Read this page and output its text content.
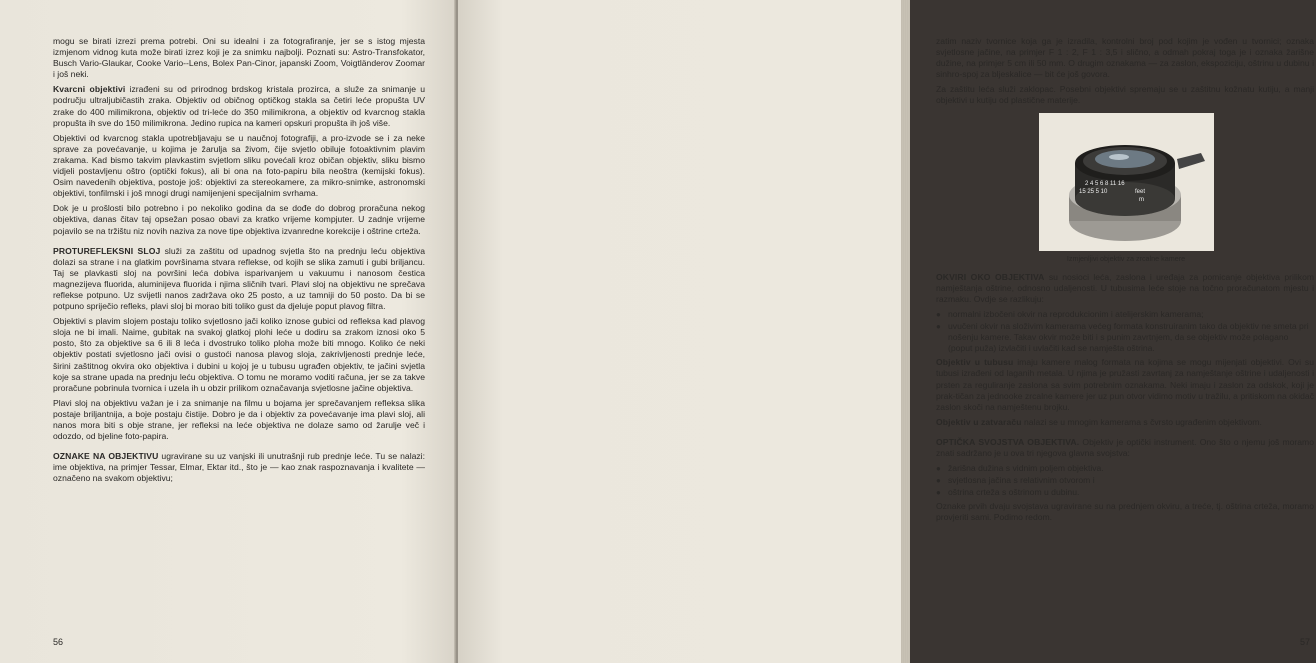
mogu se birati izrezi prema potrebi. Oni su idealni i za fotografiranje, jer se s istog mjesta izmjenom vidnog kuta može birati izrez koji je za snimku najbolji. Poznati su: Astro-Transfokator, Busch Vario-Glaukar, Cooke Vario--Lens, Bolex Pan-Cinor, japanski Zoom, Voigtländerov Zoomar i još neki.

Kvarcni objektivi izrađeni su od prirodnog brdskog kristala prozirca, a služe za snimanje u području ultraljubičastih zraka. Objektiv od običnog optičkog stakla sa četiri leće propušta UV zrake do 400 milimikrona, objektiv od tri-leće do 350 milimikrona, a objektiv od kvarcnog stakla propušta ih sve do 150 milimikrona. Jedino rupica na kameri opskuri propušta ih još više.

Objektivi od kvarcnog stakla upotrebljavaju se u naučnoj fotografiji, a pro-izvode se i za neke sprave za povećavanje, u kojima je žarulja sa živom, čije svjetlo obiluje fotoaktivnim plavim zrakama. Kad bismo takvim plavkastim svjetlom sliku povećali kroz običan objektiv, sliku bismo vidjeli postavljenu oštro (optički fokus), ali bi ona na foto-papiru bila neoštra (kemijski fokus). Osim navedenih objektiva, postoje još: objektivi za stereokamere, za mikro-snimke, astronomski objektivi, tonfilmski i još mnogi drugi namijenjeni specijalnim svrhama.

Dok je u prošlosti bilo potrebno i po nekoliko godina da se dođe do dobrog proračuna nekog objektiva, danas čitav taj opsežan posao obavi za kratko vrijeme kompjuter. U zadnje vrijeme pojavilo se na tržištu niz novih naziva za nove tipe objektiva izvanredne korekcije i oštrine crteža.

PROTUREFLEKSNI SLOJ služi za zaštitu od upadnog svjetla što na prednju leću objektiva dolazi sa strane i na glatkim površinama stvara reflekse, od kojih se slika zamuti i gubi briljancu. Taj se plavkasti sloj na površini leća dobiva isparivanjem u vakuumu i nanosom čestica magnezijeva fluorida, aluminijeva fluorida i njima sličnih tvari. Plavi sloj na objektivu ne sprečava reflekse potpuno. Uz svijetli nanos zadržava oko 25 posto, a uz tamniji do 50 posto. Da bi se potpuno spriječio refleks, plavi sloj bi morao biti toliko gust da djeluje poput plavog filtra.

Objektivi s plavim slojem postaju toliko svjetlosno jači koliko iznose gubici od refleksa kad plavog sloja ne bi imali. Naime, gubitak na svakoj glatkoj plohi leće u dodiru sa zrakom iznosi oko 5 posto, što za objektive sa 6 ili 8 leća i dvostruko toliko ploha može biti mnogo. Koliko će neki objektiv postati svjetlosno jači ovisi o gustoći nanosa plavog sloja, zakrivljenosti prednje leće, širini zaštitnog okvira oko objektiva i dubini u kojoj je u tubusu ugrađen objektiv, te jačini svjetla koje sa strane upada na prednju leću objektiva. O tomu ne moramo voditi računa, jer se za takve proračune pobrinula tvornica i uzela ih u obzir prilikom označavanja svjetlosne jačine objektiva.

Plavi sloj na objektivu važan je i za snimanje na filmu u bojama jer sprečavanjem refleksa slika postaje briljantnija, a boje postaju čistije. Dobro je da i objektiv za povećavanje ima plavi sloj, ali nanos mora biti s obje strane, jer refleksi na leće objektiva ne dolaze samo od žarulje več i odozdo, od bjeline foto-papira.

OZNAKE NA OBJEKTIVU ugravirane su uz vanjski ili unutrašnji rub prednje leće. Tu se nalazi: ime objektiva, na primjer Tessar, Elmar, Ektar itd., što je — kao znak raspoznavanja i kvalitete — označeno na svakom objektivu;

56

zatim naziv tvornice koja ga je izradila, kontrolni broj pod kojim je vođen u tvornici; oznaka svjetlosne jačine, na primjer F 1 : 2, F 1 : 3,5 i slično, a odmah pokraj toga je i oznaka žarišne dužine, na primjer 5 cm ili 50 mm. O drugim oznakama — za zaslon, ekspoziciju, oštrinu u dubinu i sinhro-spoj za bljeskalice — bit će još govora.

Za zaštitu leća služi zaklopac. Posebni objektivi spremaju se u zaštitnu kožnatu kutiju, a manji objektivi u kutiju od plastične materije.

2 4 5 6 8 11 16
15 25 5 10	feet
m
Izmjenljivi objektiv za zrcalne kamere

OKVIRI OKO OBJEKTIVA su nosioci leća, zaslona i uređaja za pomicanje objektiva prilikom namještanja oštrine, odnosno udaljenosti. U tubusima leće stoje na točno proračunatom mjestu i razmaku. Ovdje se razlikuju:

● normalni izbočeni okvir na reprodukcionim i atelijerskim kamerama;
● uvučeni okvir na složivim kamerama većeg formata konstruiranim tako da objektiv ne smeta pri nošenju kamere. Takav okvir može biti i s punim zavrtnjem, da se objektiv može polagano (poput puža) izvlačiti i uvlačiti kad se namješta oštrina.

Objektiv u tubusu imaju kamere malog formata na kojima se mogu mijenjati objektivi. Ovi su tubusi izrađeni od laganih metala. U njima je pružasti zavrtanj za namještanje oštrine i udaljenosti i prsten za reguliranje zaslona sa svim potrebnim oznakama. Neki imaju i zaslon za odskok, koji je prak-tičan za jednooke zrcalne kamere jer uz pun otvor vidimo motiv u tražilu, a pritiskom na okidač zaslon skoči na namještenu brojku.

Objektiv u zatvaraču nalazi se u mnogim kamerama s čvrsto ugrađenim objektivom.

OPTIČKA SVOJSTVA OBJEKTIVA. Objektiv je optički instrument. Ono što o njemu još moramo znati sadržano je u ova tri njegova glavna svojstva:

● žarišna dužina s vidnim poljem objektiva.
● svjetlosna jačina s relativnim otvorom i
● oštrina crteža s oštrinom u dubinu.

Oznake prvih dvaju svojstava ugravirane su na prednjem okviru, a treće, tj. oštrina crteža, moramo provjeriti sami. Podimo redom.

57
